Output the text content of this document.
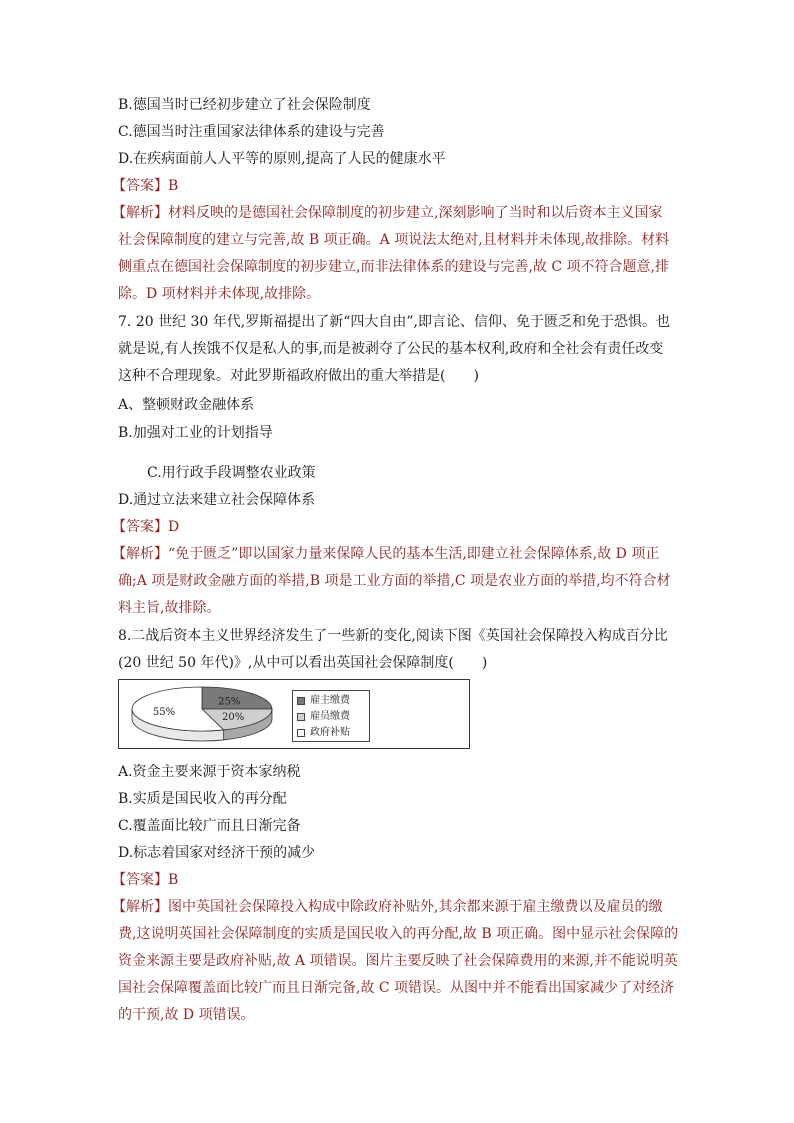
B.德国当时已经初步建立了社会保险制度
C.德国当时注重国家法律体系的建设与完善
D.在疾病面前人人平等的原则,提高了人民的健康水平
【答案】B
【解析】材料反映的是德国社会保障制度的初步建立,深刻影响了当时和以后资本主义国家
社会保障制度的建立与完善,故 B 项正确。A 项说法太绝对,且材料并未体现,故排除。材料
侧重点在德国社会保障制度的初步建立,而非法律体系的建设与完善,故 C 项不符合题意,排
除。D 项材料并未体现,故排除。
7. 20 世纪 30 年代,罗斯福提出了新“四大自由”,即言论、信仰、免于匮乏和免于恐惧。也
就是说,有人挨饿不仅是私人的事,而是被剥夺了公民的基本权利,政府和全社会有责任改变
这种不合理现象。对此罗斯福政府做出的重大举措是(　　)
A、整顿财政金融体系
B.加强对工业的计划指导
C.用行政手段调整农业政策
D.通过立法来建立社会保障体系
【答案】D
【解析】“免于匮乏”即以国家力量来保障人民的基本生活,即建立社会保障体系,故 D 项正
确;A 项是财政金融方面的举措,B 项是工业方面的举措,C 项是农业方面的举措,均不符合材
料主旨,故排除。
8.二战后资本主义世界经济发生了一些新的变化,阅读下图《英国社会保障投入构成百分比
(20 世纪 50 年代)》,从中可以看出英国社会保障制度(　　)
25%
20%
55%
雇主缴费
雇员缴费
政府补贴
A.资金主要来源于资本家纳税
B.实质是国民收入的再分配
C.覆盖面比较广而且日渐完备
D.标志着国家对经济干预的减少
【答案】B
【解析】图中英国社会保障投入构成中除政府补贴外,其余都来源于雇主缴费以及雇员的缴
费,这说明英国社会保障制度的实质是国民收入的再分配,故 B 项正确。图中显示社会保障的
资金来源主要是政府补贴,故 A 项错误。图片主要反映了社会保障费用的来源,并不能说明英
国社会保障覆盖面比较广而且日渐完备,故 C 项错误。从图中并不能看出国家减少了对经济
的干预,故 D 项错误。
